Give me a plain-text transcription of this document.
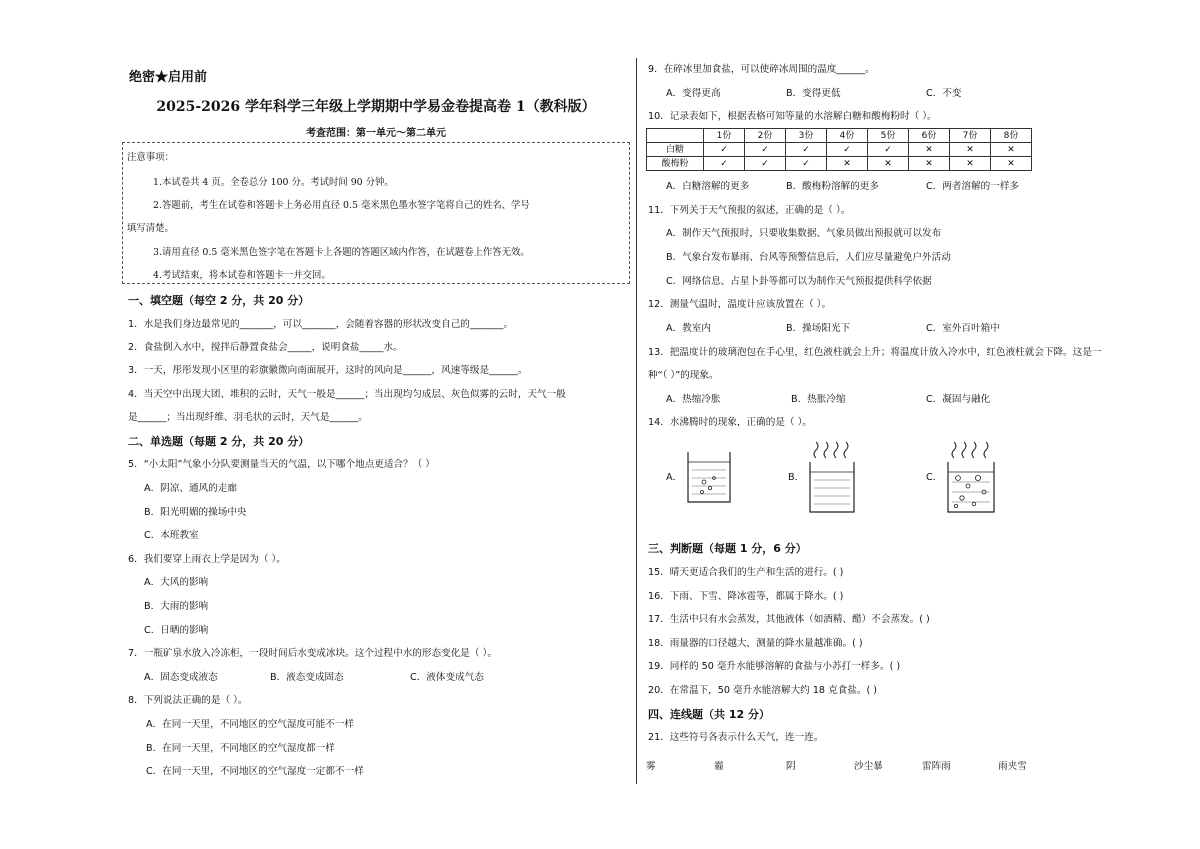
绝密★启用前
2025-2026 学年科学三年级上学期期中学易金卷提高卷 1（教科版）
考查范围：第一单元～第二单元
注意事项：
1.本试卷共 4 页。全卷总分 100 分。考试时间 90 分钟。
2.答题前，考生在试卷和答题卡上务必用直径 0.5 毫米黑色墨水签字笔将自己的姓名、学号
填写清楚。
3.请用直径 0.5 毫米黑色签字笔在答题卡上各题的答题区域内作答，在试题卷上作答无效。
4.考试结束，将本试卷和答题卡一并交回。
一、填空题（每空 2 分，共 20 分）
1．水是我们身边最常见的_______，可以_______，会随着容器的形状改变自己的_______。
2．食盐倒入水中，搅拌后静置食盐会_____，说明食盐_____水。
3．一天，彤彤发现小区里的彩旗徽微向南面展开，这时的风向是______，风速等级是______。
4．当天空中出现大团、堆积的云时，天气一般是______；当出现均匀成层、灰色似雾的云时，天气一般
是______；当出现纤维、羽毛状的云时，天气是______。
二、单选题（每题 2 分，共 20 分）
5．“小太阳”气象小分队要测量当天的气温，以下哪个地点更适合？（ ）
A．阴凉、通风的走廊
B．阳光明媚的操场中央
C．本班教室
6．我们要穿上雨衣上学是因为（ ）。
A．大风的影响
B．大雨的影响
C．日晒的影响
7．一瓶矿泉水放入冷冻柜，一段时间后水变成冰块。这个过程中水的形态变化是（ ）。
A．固态变成液态	B．液态变成固态	C．液体变成气态
8．下列说法正确的是（ ）。
A．在同一天里，不同地区的空气湿度可能不一样
B．在同一天里，不同地区的空气湿度都一样
C．在同一天里，不同地区的空气湿度一定都不一样
9．在碎冰里加食盐，可以使碎冰周围的温度______。
A．变得更高	B．变得更低	C．不变
10．记录表如下，根据表格可知等量的水溶解白糖和酸梅粉时（ ）。
	1份	2份	3份	4份	5份	6份	7份	8份
白糖	✓	✓	✓	✓	✓	✕	✕	✕
酸梅粉	✓	✓	✓	✕	✕	✕	✕	✕
A．白糖溶解的更多	B．酸梅粉溶解的更多	C．两者溶解的一样多
11．下列关于天气预报的叙述，正确的是（ ）。
A．制作天气预报时，只要收集数据、气象员做出预报就可以发布
B．气象台发布暴雨、台风等预警信息后，人们应尽量避免户外活动
C．网络信息、占星卜卦等都可以为制作天气预报提供科学依据
12．测量气温时，温度计应该放置在（ ）。
A．教室内	B．操场阳光下	C．室外百叶箱中
13．把温度计的玻璃泡包在手心里，红色液柱就会上升；将温度计放入冷水中，红色液柱就会下降。这是一
种“（ ）”的现象。
A．热缩冷胀	B．热胀冷缩	C．凝固与融化
14．水沸腾时的现象，正确的是（ ）。
A．	B．	C．
三、判断题（每题 1 分，6 分）
15．晴天更适合我们的生产和生活的进行。( )
16．下雨、下雪、降冰雹等，都属于降水。( )
17．生活中只有水会蒸发，其他液体（如酒精、醋）不会蒸发。( )
18．雨量器的口径越大，测量的降水量越准确。( )
19．同样的 50 毫升水能够溶解的食盐与小苏打一样多。( )
20．在常温下，50 毫升水能溶解大约 18 克食盐。( )
四、连线题（共 12 分）
21．这些符号各表示什么天气，连一连。
雾	霾	阴	沙尘暴	雷阵雨	雨夹雪
